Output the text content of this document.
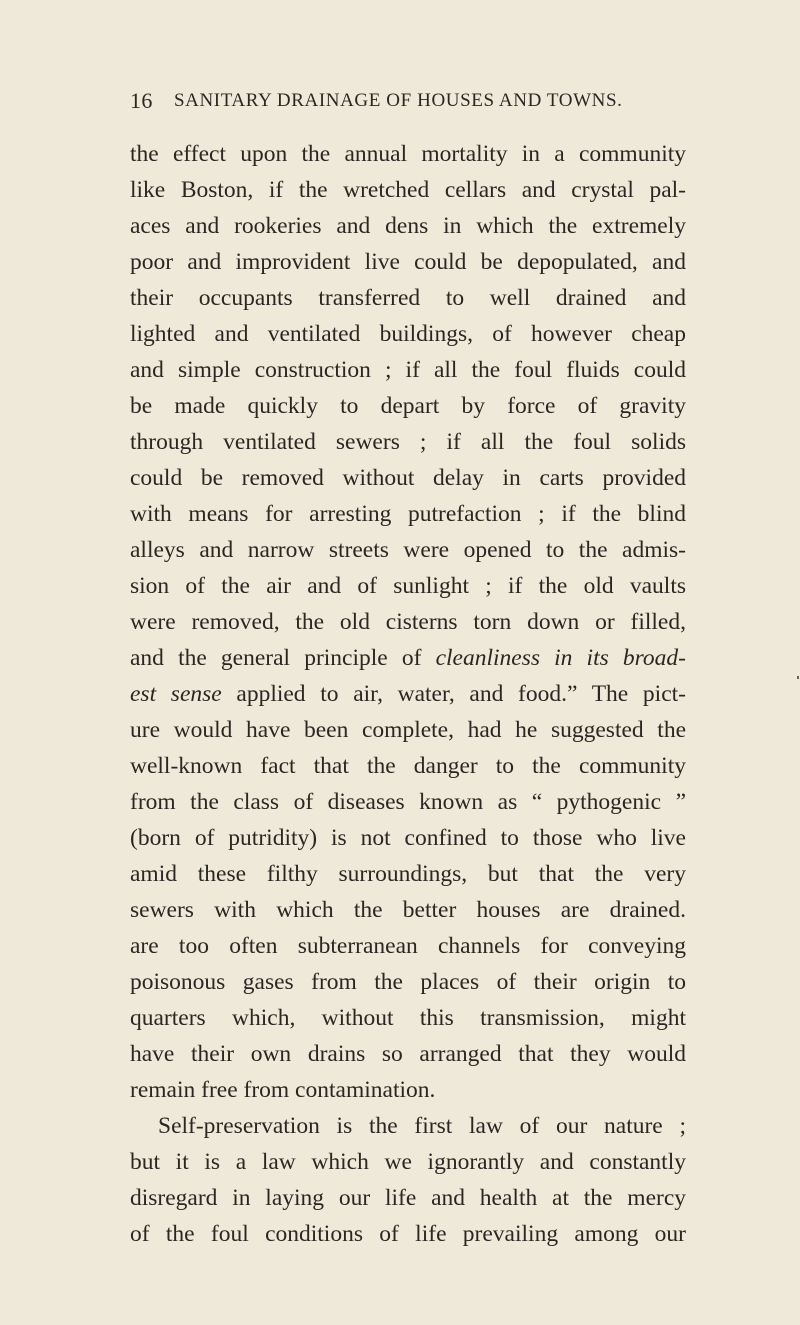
16 SANITARY DRAINAGE OF HOUSES AND TOWNS.
the effect upon the annual mortality in a community
like Boston, if the wretched cellars and crystal pal-
aces and rookeries and dens in which the extremely
poor and improvident live could be depopulated, and
their occupants transferred to well drained and
lighted and ventilated buildings, of however cheap
and simple construction ; if all the foul fluids could
be made quickly to depart by force of gravity
through ventilated sewers ; if all the foul solids
could be removed without delay in carts provided
with means for arresting putrefaction ; if the blind
alleys and narrow streets were opened to the admis-
sion of the air and of sunlight ; if the old vaults
were removed, the old cisterns torn down or filled,
and the general principle of cleanliness in its broad-
est sense applied to air, water, and food.” The pict-
ure would have been complete, had he suggested the
well-known fact that the danger to the community
from the class of diseases known as “ pythogenic ”
(born of putridity) is not confined to those who live
amid these filthy surroundings, but that the very
sewers with which the better houses are drained.
are too often subterranean channels for conveying
poisonous gases from the places of their origin to
quarters which, without this transmission, might
have their own drains so arranged that they would
remain free from contamination.
Self-preservation is the first law of our nature ;
but it is a law which we ignorantly and constantly
disregard in laying our life and health at the mercy
of the foul conditions of life prevailing among our
